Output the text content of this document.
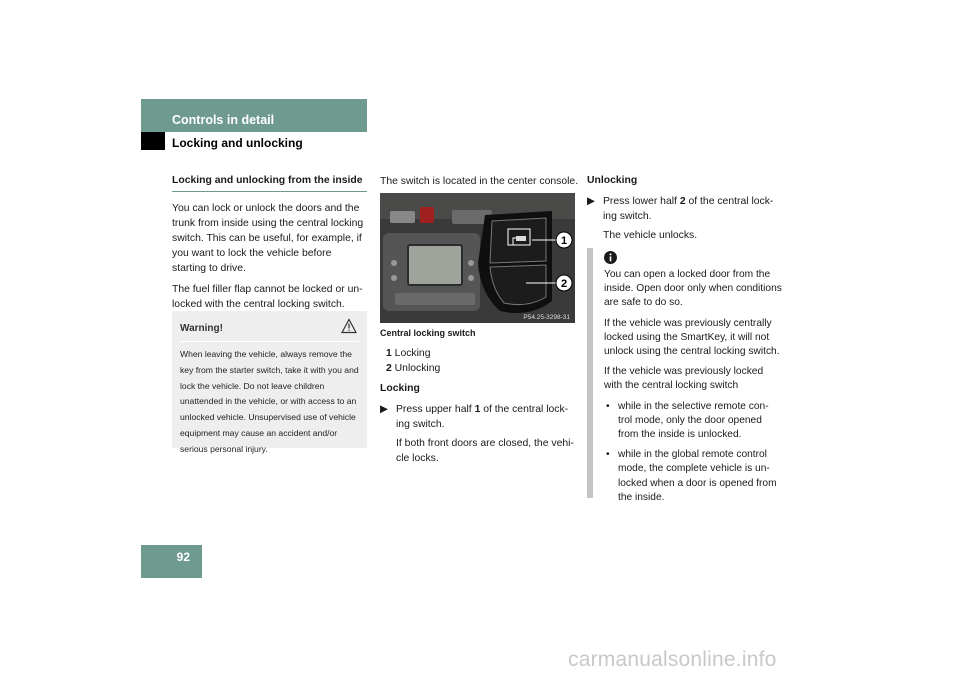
Controls in detail
Locking and unlocking
Locking and unlocking from the inside

You can lock or unlock the doors and the trunk from inside using the central locking switch. This can be useful, for example, if you want to lock the vehicle before starting to drive.

The fuel filler flap cannot be locked or un-locked with the central locking switch.

Warning!
When leaving the vehicle, always remove the key from the starter switch, take it with you and lock the vehicle. Do not leave children unattended in the vehicle, or with access to an unlocked vehicle. Unsupervised use of vehicle equipment may cause an accident and/or serious personal injury.

The switch is located in the center console.

1
2
P54.25-3298-31
Central locking switch
1 Locking
2 Unlocking
Locking
▶ Press upper half 1 of the central lock-ing switch.
If both front doors are closed, the vehi-cle locks.
Unlocking
▶ Press lower half 2 of the central lock-ing switch.
The vehicle unlocks.

You can open a locked door from the inside. Open door only when conditions are safe to do so.

If the vehicle was previously centrally locked using the SmartKey, it will not unlock using the central locking switch.

If the vehicle was previously locked with the central locking switch

• while in the selective remote con-trol mode, only the door opened from the inside is unlocked.
• while in the global remote control mode, the complete vehicle is un-locked when a door is opened from the inside.
92
carmanualsonline.info
